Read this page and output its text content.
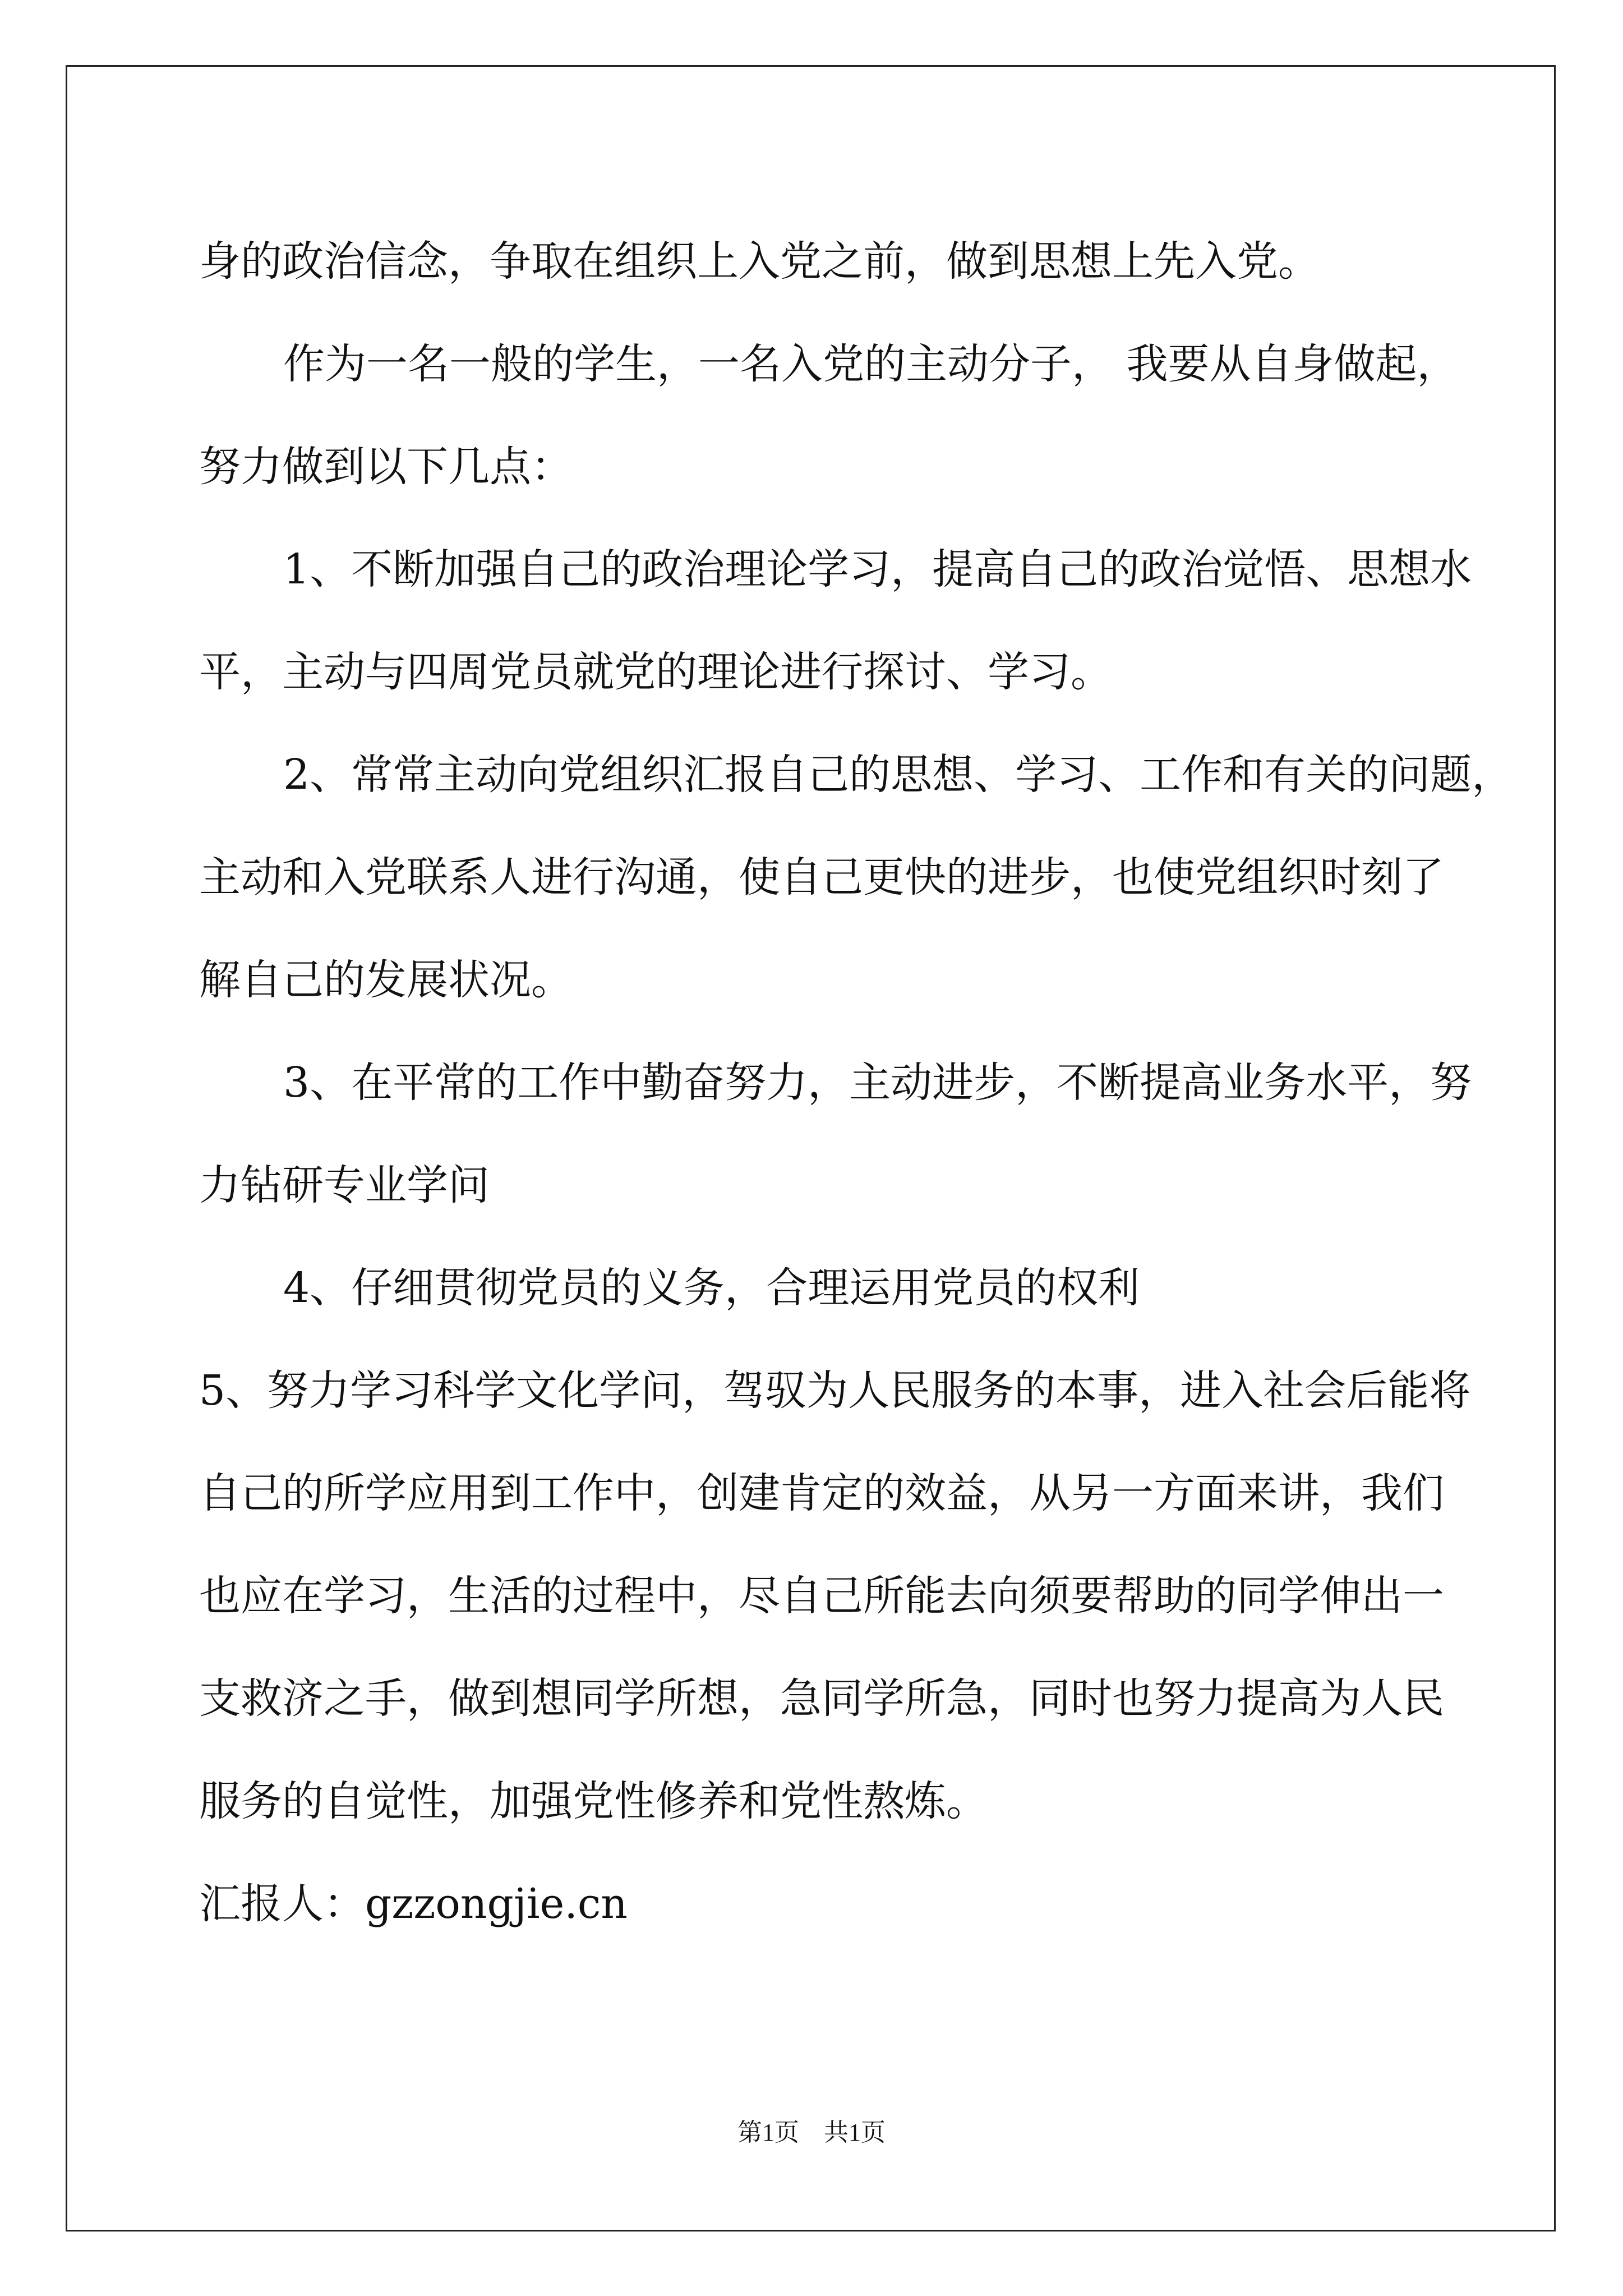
身的政治信念，争取在组织上入党之前，做到思想上先入党。
作为一名一般的学生，一名入党的主动分子， 我要从自身做起，
努力做到以下几点：
1、不断加强自己的政治理论学习，提高自己的政治觉悟、思想水
平，主动与四周党员就党的理论进行探讨、学习。
2、常常主动向党组织汇报自己的思想、学习、工作和有关的问题，
主动和入党联系人进行沟通，使自己更快的进步，也使党组织时刻了
解自己的发展状况。
3、在平常的工作中勤奋努力，主动进步，不断提高业务水平，努
力钻研专业学问
4、仔细贯彻党员的义务，合理运用党员的权利
5、努力学习科学文化学问，驾驭为人民服务的本事，进入社会后能将
自己的所学应用到工作中，创建肯定的效益，从另一方面来讲，我们
也应在学习，生活的过程中，尽自己所能去向须要帮助的同学伸出一
支救济之手，做到想同学所想，急同学所急，同时也努力提高为人民
服务的自觉性，加强党性修养和党性熬炼。
汇报人：gzzongjie.cn
第1页　共1页
